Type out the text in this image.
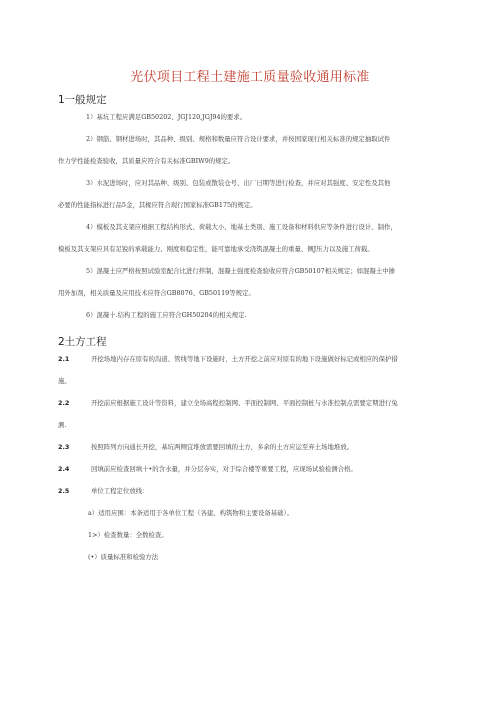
光伏项目工程土建施工质量验收通用标准
1一般规定
1）基坑工程应满足GB50202、JGJ120,JGJ94的要求。
2）钢筋、钢材进场时，其品种、级别、规格和数量应符合设计要求，并按国家现行相关标准的规定抽取试件
作力学性能检查验收，其质量应符合有关标准GBIW9的规定。
3）水泥进场时，应对其品种、级别、包装或散装仓号、出厂日期等进行检查，并应对其强度、安定性及其他
必要的性能指标进行品5金，其椽应符合现行国家标准GB175的规定。
4）模板及其支架应根据工程结构形式、荷载大小、地基土类别、施工设备和材料供应等条件进行设计、制作，
模板及其支架应具有足锐的承载能力、刚度和稳定性，能可靠地承受浇筑混凝土的重量、侧J压力以及施工荷载。
5）混凝土应严格按照试验室配合比进行拌制，混凝土强度检查验收应符合GB50107相关规定；如混凝土中掺
用外加剂，相关质量及应用技术应符合GB8076、GB50119等规定。
6）混凝十.结构工程的施工应符合GH50204的相关规定.
2土方工程
2.1	开挖场地内存在原有的沟道、管线等地下设施时，土方开挖之前应对原有的地下设施做好标记或相应的保护措
施。
2.2	开挖前应根据施工设计等资料，建立全场高程控制网、平面控制网、平面控制桩与水准控制点需要定期进行兔
测.
2.3	按照阵列方向通长开挖，基坑两侧宜堆放需要回填的土方，多余的土方应运至弃土场地堆放。
2.4	回填前应检查回填十•的含水量，并分层夯实，对于综合楼等重要工程，应现场试验检测合格。
2.5	单位工程定位放线：
a）适用应围：本条适用于各单位工程（各建、构筑物和主要设备基础）。
1>）检查数量：全数检查。
(•）质量标准和检验方法
